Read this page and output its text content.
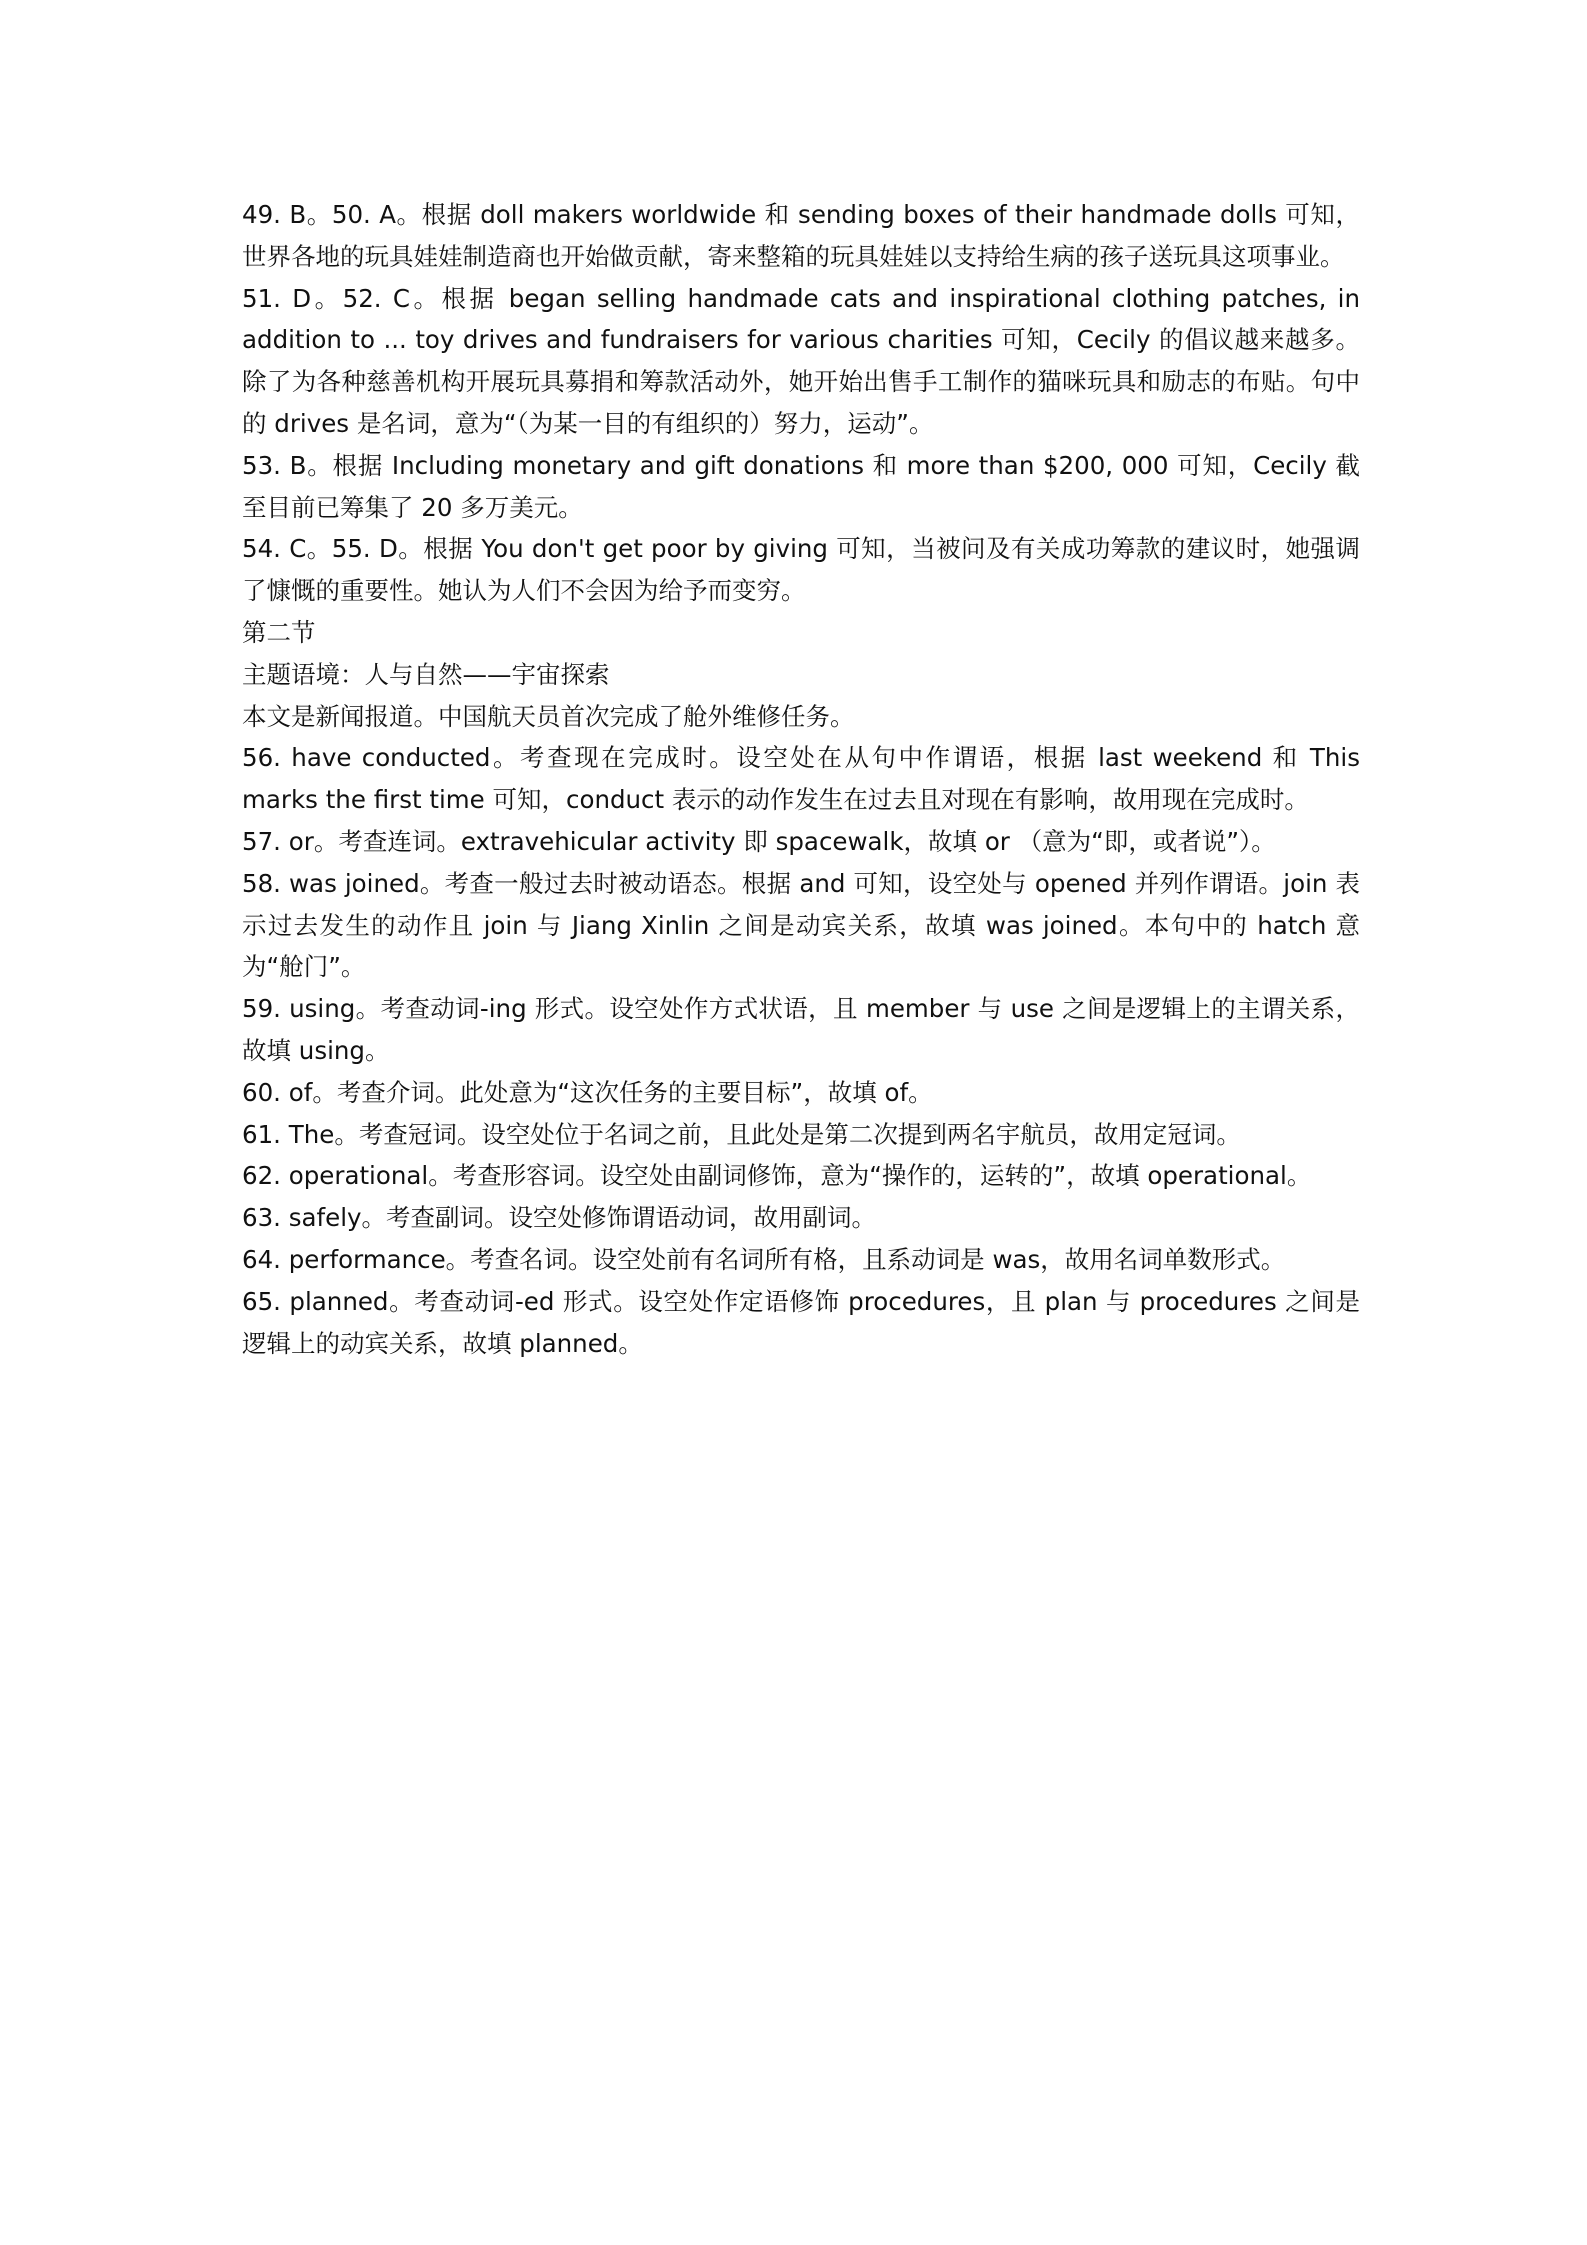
49. B。50. A。根据 doll makers worldwide 和 sending boxes of their handmade dolls 可知，世界各地的玩具娃娃制造商也开始做贡献，寄来整箱的玩具娃娃以支持给生病的孩子送玩具这项事业。

51. D。52. C。根据 began selling handmade cats and inspirational clothing patches, in addition to ... toy drives and fundraisers for various charities 可知，Cecily 的倡议越来越多。除了为各种慈善机构开展玩具募捐和筹款活动外，她开始出售手工制作的猫咪玩具和励志的布贴。句中的 drives 是名词，意为“（为某一目的有组织的）努力，运动”。

53. B。根据 Including monetary and gift donations 和 more than $200, 000 可知，Cecily 截至目前已筹集了 20 多万美元。

54. C。55. D。根据 You don't get poor by giving 可知，当被问及有关成功筹款的建议时，她强调了慷慨的重要性。她认为人们不会因为给予而变穷。

第二节

主题语境：人与自然——宇宙探索

本文是新闻报道。中国航天员首次完成了舱外维修任务。

56. have conducted。考查现在完成时。设空处在从句中作谓语，根据 last weekend 和 This marks the first time 可知，conduct 表示的动作发生在过去且对现在有影响，故用现在完成时。

57. or。考查连词。extravehicular activity 即 spacewalk，故填 or （意为“即，或者说”）。

58. was joined。考查一般过去时被动语态。根据 and 可知，设空处与 opened 并列作谓语。join 表示过去发生的动作且 join 与 Jiang Xinlin 之间是动宾关系，故填 was joined。本句中的 hatch 意为“舱门”。

59. using。考查动词-ing 形式。设空处作方式状语，且 member 与 use 之间是逻辑上的主谓关系，故填 using。

60. of。考查介词。此处意为“这次任务的主要目标”，故填 of。

61. The。考查冠词。设空处位于名词之前，且此处是第二次提到两名宇航员，故用定冠词。

62. operational。考查形容词。设空处由副词修饰，意为“操作的，运转的”，故填 operational。

63. safely。考查副词。设空处修饰谓语动词，故用副词。

64. performance。考查名词。设空处前有名词所有格，且系动词是 was，故用名词单数形式。

65. planned。考查动词-ed 形式。设空处作定语修饰 procedures，且 plan 与 procedures 之间是逻辑上的动宾关系，故填 planned。
